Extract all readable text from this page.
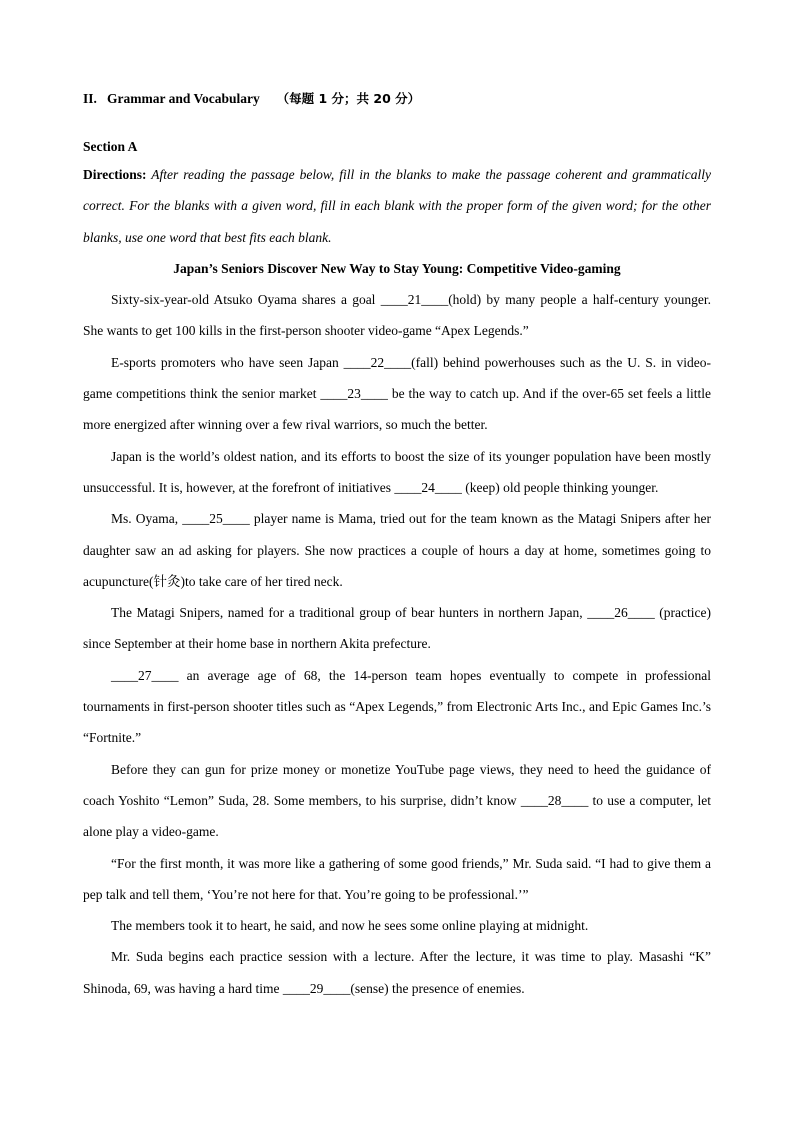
II.   Grammar and Vocabulary     （每题 1 分；共 20 分）

Section A

Directions: After reading the passage below, fill in the blanks to make the passage coherent and grammatically correct. For the blanks with a given word, fill in each blank with the proper form of the given word; for the other blanks, use one word that best fits each blank.

Japan’s Seniors Discover New Way to Stay Young: Competitive Video-gaming

Sixty-six-year-old Atsuko Oyama shares a goal ____21____(hold) by many people a half-century younger. She wants to get 100 kills in the first-person shooter video-game “Apex Legends.”

E-sports promoters who have seen Japan ____22____(fall) behind powerhouses such as the U. S. in video-game competitions think the senior market ____23____ be the way to catch up. And if the over-65 set feels a little more energized after winning over a few rival warriors, so much the better.

Japan is the world’s oldest nation, and its efforts to boost the size of its younger population have been mostly unsuccessful. It is, however, at the forefront of initiatives ____24____ (keep) old people thinking younger.

Ms. Oyama, ____25____ player name is Mama, tried out for the team known as the Matagi Snipers after her daughter saw an ad asking for players. She now practices a couple of hours a day at home, sometimes going to acupuncture(针灸)to take care of her tired neck.

The Matagi Snipers, named for a traditional group of bear hunters in northern Japan, ____26____ (practice) since September at their home base in northern Akita prefecture.

____27____ an average age of 68, the 14-person team hopes eventually to compete in professional tournaments in first-person shooter titles such as “Apex Legends,” from Electronic Arts Inc., and Epic Games Inc.’s “Fortnite.”

Before they can gun for prize money or monetize YouTube page views, they need to heed the guidance of coach Yoshito “Lemon” Suda, 28. Some members, to his surprise, didn’t know ____28____ to use a computer, let alone play a video-game.

“For the first month, it was more like a gathering of some good friends,” Mr. Suda said. “I had to give them a pep talk and tell them, ‘You’re not here for that. You’re going to be professional.’”

The members took it to heart, he said, and now he sees some online playing at midnight.

Mr. Suda begins each practice session with a lecture. After the lecture, it was time to play. Masashi “K” Shinoda, 69, was having a hard time ____29____(sense) the presence of enemies.
